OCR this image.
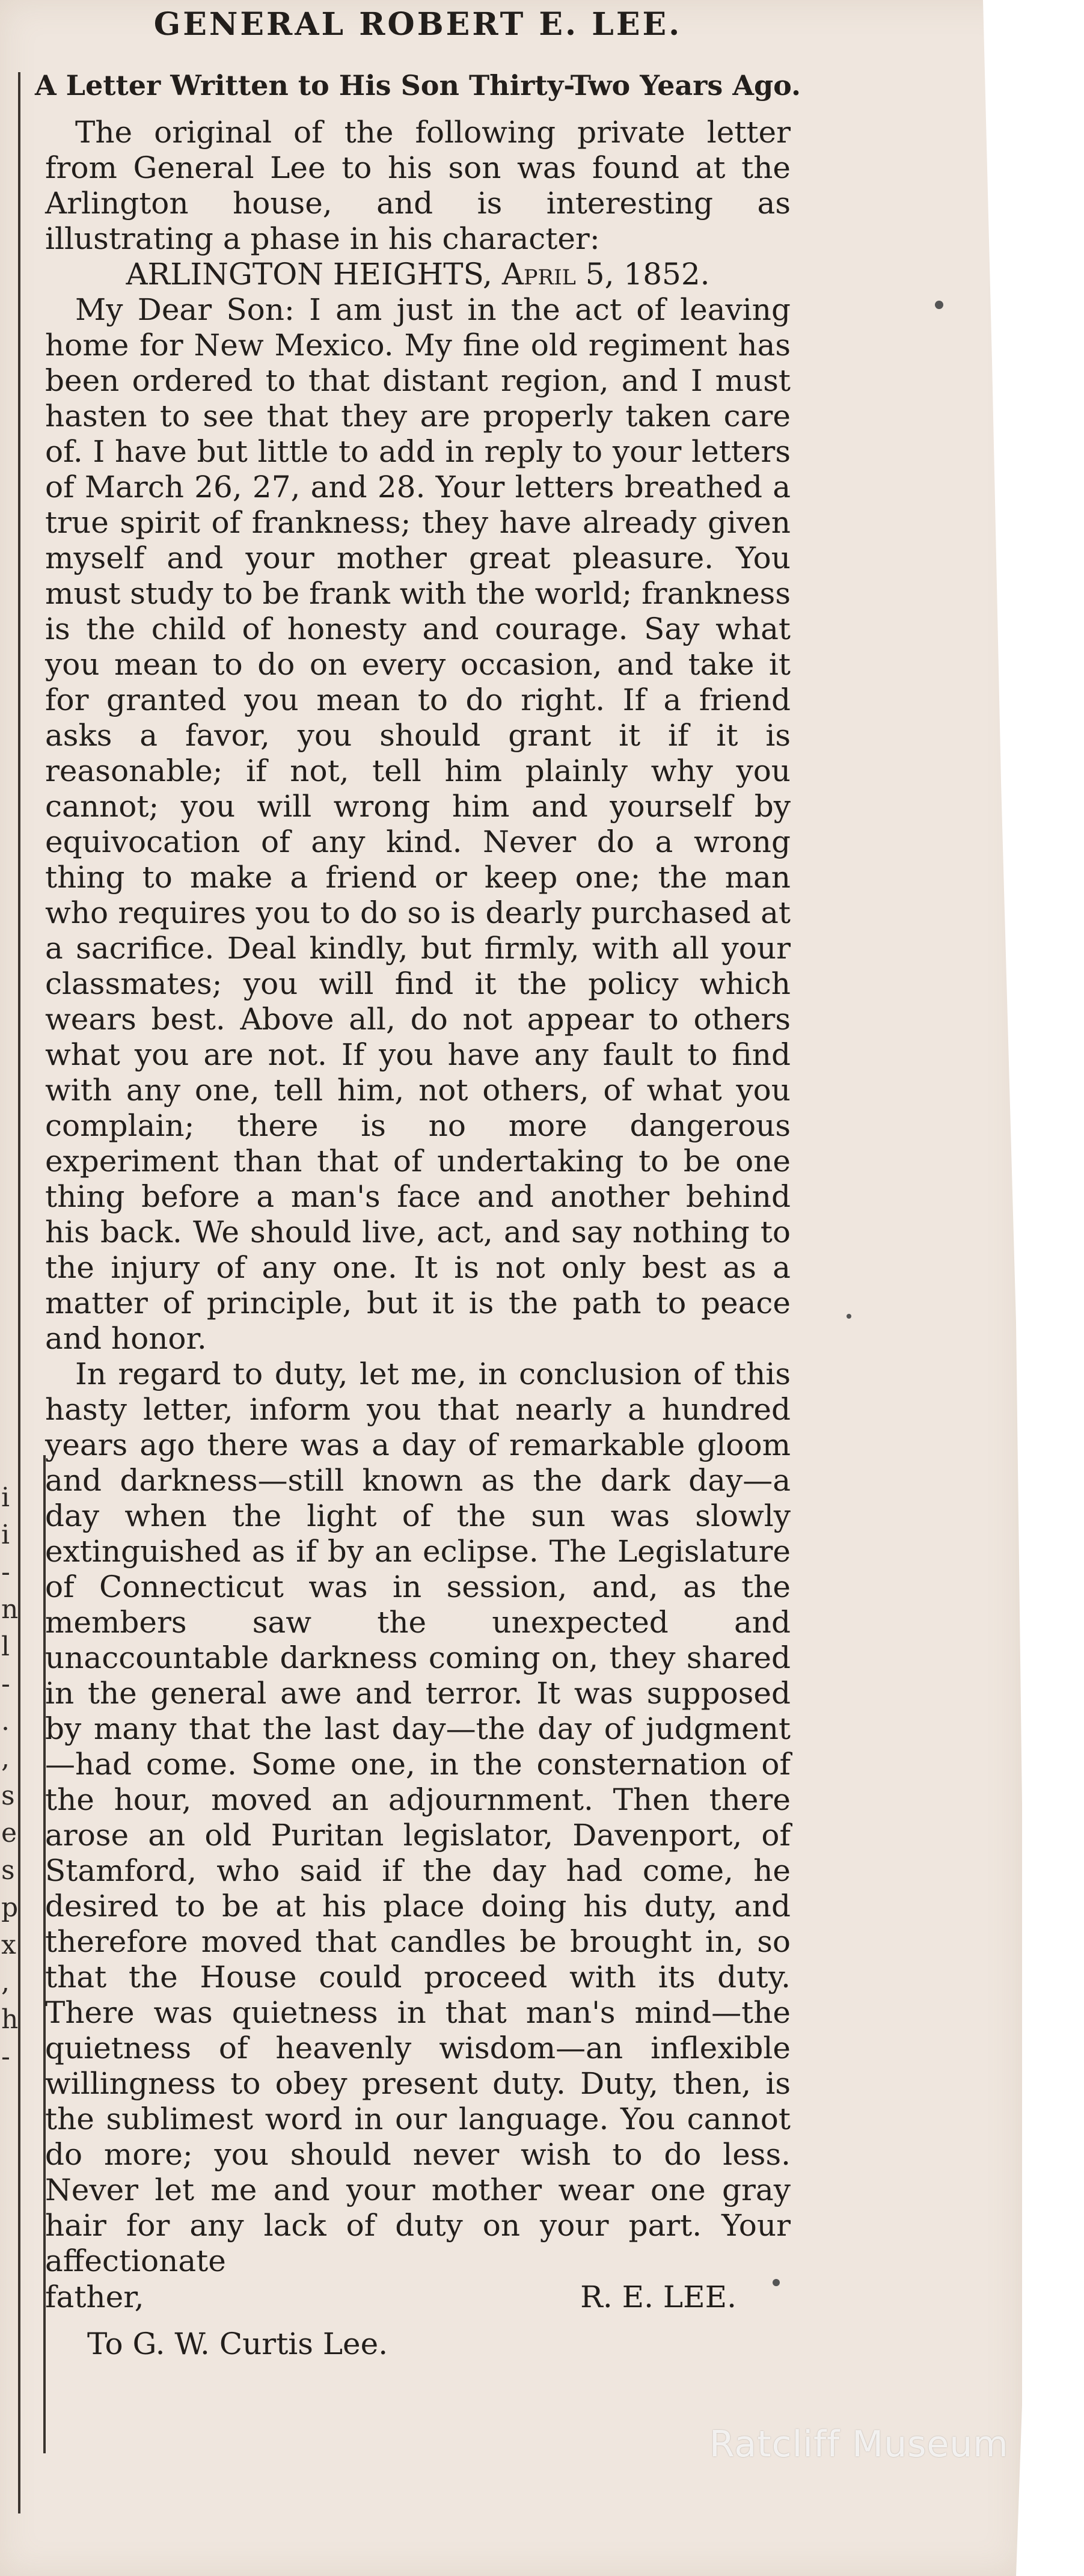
i
i
-
n
l
-
.
,
s
e
s
p
x
,
h
-
GENERAL ROBERT E. LEE.
A Letter Written to His Son Thirty-Two Years Ago.

The original of the following private letter from General Lee to his son was found at the Arlington house, and is interesting as illustrating a phase in his character:

ARLINGTON HEIGHTS, April 5, 1852.

My Dear Son: I am just in the act of leaving home for New Mexico. My fine old regiment has been ordered to that distant region, and I must hasten to see that they are properly taken care of. I have but little to add in reply to your letters of March 26, 27, and 28. Your letters breathed a true spirit of frankness; they have already given myself and your mother great pleasure. You must study to be frank with the world; frankness is the child of honesty and courage. Say what you mean to do on every occasion, and take it for granted you mean to do right. If a friend asks a favor, you should grant it if it is reasonable; if not, tell him plainly why you cannot; you will wrong him and yourself by equivocation of any kind. Never do a wrong thing to make a friend or keep one; the man who requires you to do so is dearly purchased at a sacrifice. Deal kindly, but firmly, with all your classmates; you will find it the policy which wears best. Above all, do not appear to others what you are not. If you have any fault to find with any one, tell him, not others, of what you complain; there is no more dangerous experiment than that of undertaking to be one thing before a man's face and another behind his back. We should live, act, and say nothing to the injury of any one. It is not only best as a matter of principle, but it is the path to peace and honor.

In regard to duty, let me, in conclusion of this hasty letter, inform you that nearly a hundred years ago there was a day of remarkable gloom and darkness—still known as the dark day—a day when the light of the sun was slowly extinguished as if by an eclipse. The Legislature of Connecticut was in session, and, as the members saw the unexpected and unaccountable darkness coming on, they shared in the general awe and terror. It was supposed by many that the last day—the day of judgment—had come. Some one, in the consternation of the hour, moved an adjournment. Then there arose an old Puritan legislator, Davenport, of Stamford, who said if the day had come, he desired to be at his place doing his duty, and therefore moved that candles be brought in, so that the House could proceed with its duty. There was quietness in that man's mind—the quietness of heavenly wisdom—an inflexible willingness to obey present duty. Duty, then, is the sublimest word in our language. You cannot do more; you should never wish to do less. Never let me and your mother wear one gray hair for any lack of duty on your part. Your affectionate

father,	R. E. LEE.
To G. W. Curtis Lee.
Ratcliff Museum
